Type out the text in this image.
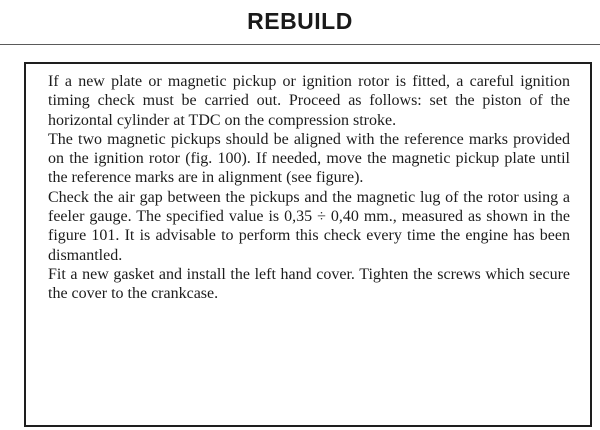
REBUILD

If a new plate or magnetic pickup or ignition rotor is fitted, a careful ignition timing check must be carried out. Proceed as follows: set the piston of the horizontal cylinder at TDC on the compression stroke.

The two magnetic pickups should be aligned with the reference marks provided on the ignition rotor (fig. 100). If needed, move the magnetic pickup plate until the reference marks are in alignment (see figure).

Check the air gap between the pickups and the magnetic lug of the rotor using a feeler gauge. The specified value is 0,35 ÷ 0,40 mm., measured as shown in the figure 101. It is advisable to perform this check every time the engine has been dismantled.

Fit a new gasket and install the left hand cover. Tighten the screws which secure the cover to the crankcase.
